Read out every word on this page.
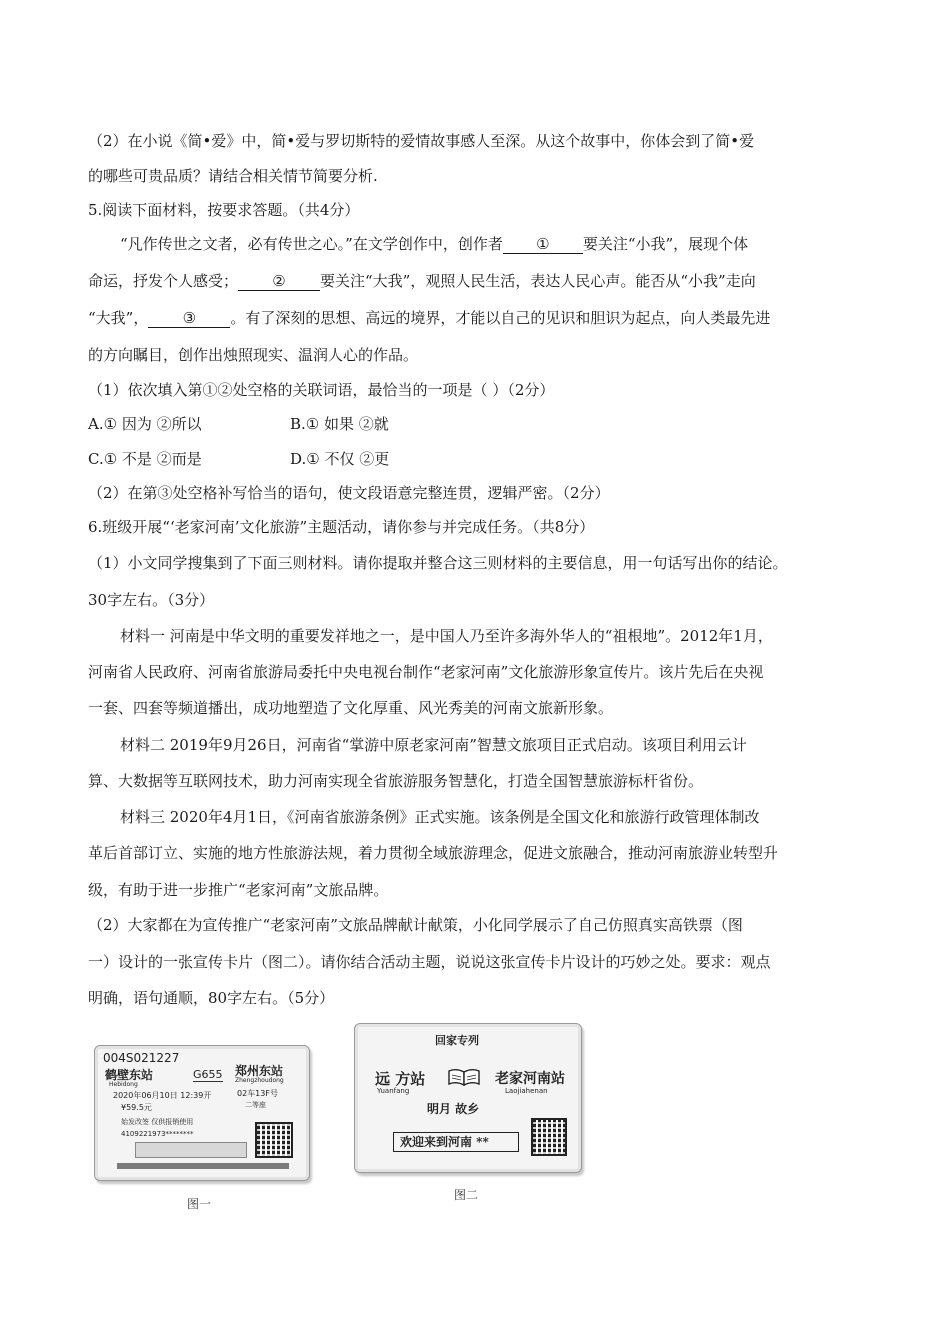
（2）在小说《简•爱》中，简•爱与罗切斯特的爱情故事感人至深。从这个故事中，你体会到了简•爱
的哪些可贵品质？请结合相关情节简要分析.
5.阅读下面材料，按要求答题。（共4分）
“凡作传世之文者，必有传世之心。”在文学创作中，创作者 ① 要关注“小我”，展现个体
命运，抒发个人感受； ② 要关注“大我”，观照人民生活，表达人民心声。能否从“小我”走向
“大我”， ③ 。有了深刻的思想、高远的境界，才能以自己的见识和胆识为起点，向人类最先进
的方向瞩目，创作出烛照现实、温润人心的作品。
（1）依次填入第①②处空格的关联词语，最恰当的一项是（ ）（2分）
A.① 因为 ②所以	B.① 如果 ②就
C.① 不是 ②而是	D.① 不仅 ②更
（2）在第③处空格补写恰当的语句，使文段语意完整连贯，逻辑严密。（2分）
6.班级开展“‘老家河南’文化旅游”主题活动，请你参与并完成任务。（共8分）
（1）小文同学搜集到了下面三则材料。请你提取并整合这三则材料的主要信息，用一句话写出你的结论。
30字左右。（3分）
材料一 河南是中华文明的重要发祥地之一，是中国人乃至许多海外华人的“祖根地”。2012年1月，
河南省人民政府、河南省旅游局委托中央电视台制作“老家河南”文化旅游形象宣传片。该片先后在央视
一套、四套等频道播出，成功地塑造了文化厚重、风光秀美的河南文旅新形象。
材料二 2019年9月26日，河南省“掌游中原老家河南”智慧文旅项目正式启动。该项目利用云计
算、大数据等互联网技术，助力河南实现全省旅游服务智慧化，打造全国智慧旅游标杆省份。
材料三 2020年4月1日，《河南省旅游条例》正式实施。该条例是全国文化和旅游行政管理体制改
革后首部订立、实施的地方性旅游法规，着力贯彻全域旅游理念，促进文旅融合，推动河南旅游业转型升
级，有助于进一步推广“老家河南”文旅品牌。
（2）大家都在为宣传推广“老家河南”文旅品牌献计献策，小化同学展示了自己仿照真实高铁票（图
一）设计的一张宣传卡片（图二）。请你结合活动主题，说说这张宣传卡片设计的巧妙之处。要求：观点
明确，语句通顺，80字左右。（5分）
004S021227
鹤壁东站
Hebidong
G655 郑州东站
Zhengzhoudong
2020年06月10日 12:39开	02车13F号
¥59.5元	二等座
始发改签 仅供报销使用
4109221973********
图一
回家专列
远 方站
Yuanfang
老家河南站
Laojiahenan
明月 故乡
欢迎来到河南 **
图二
